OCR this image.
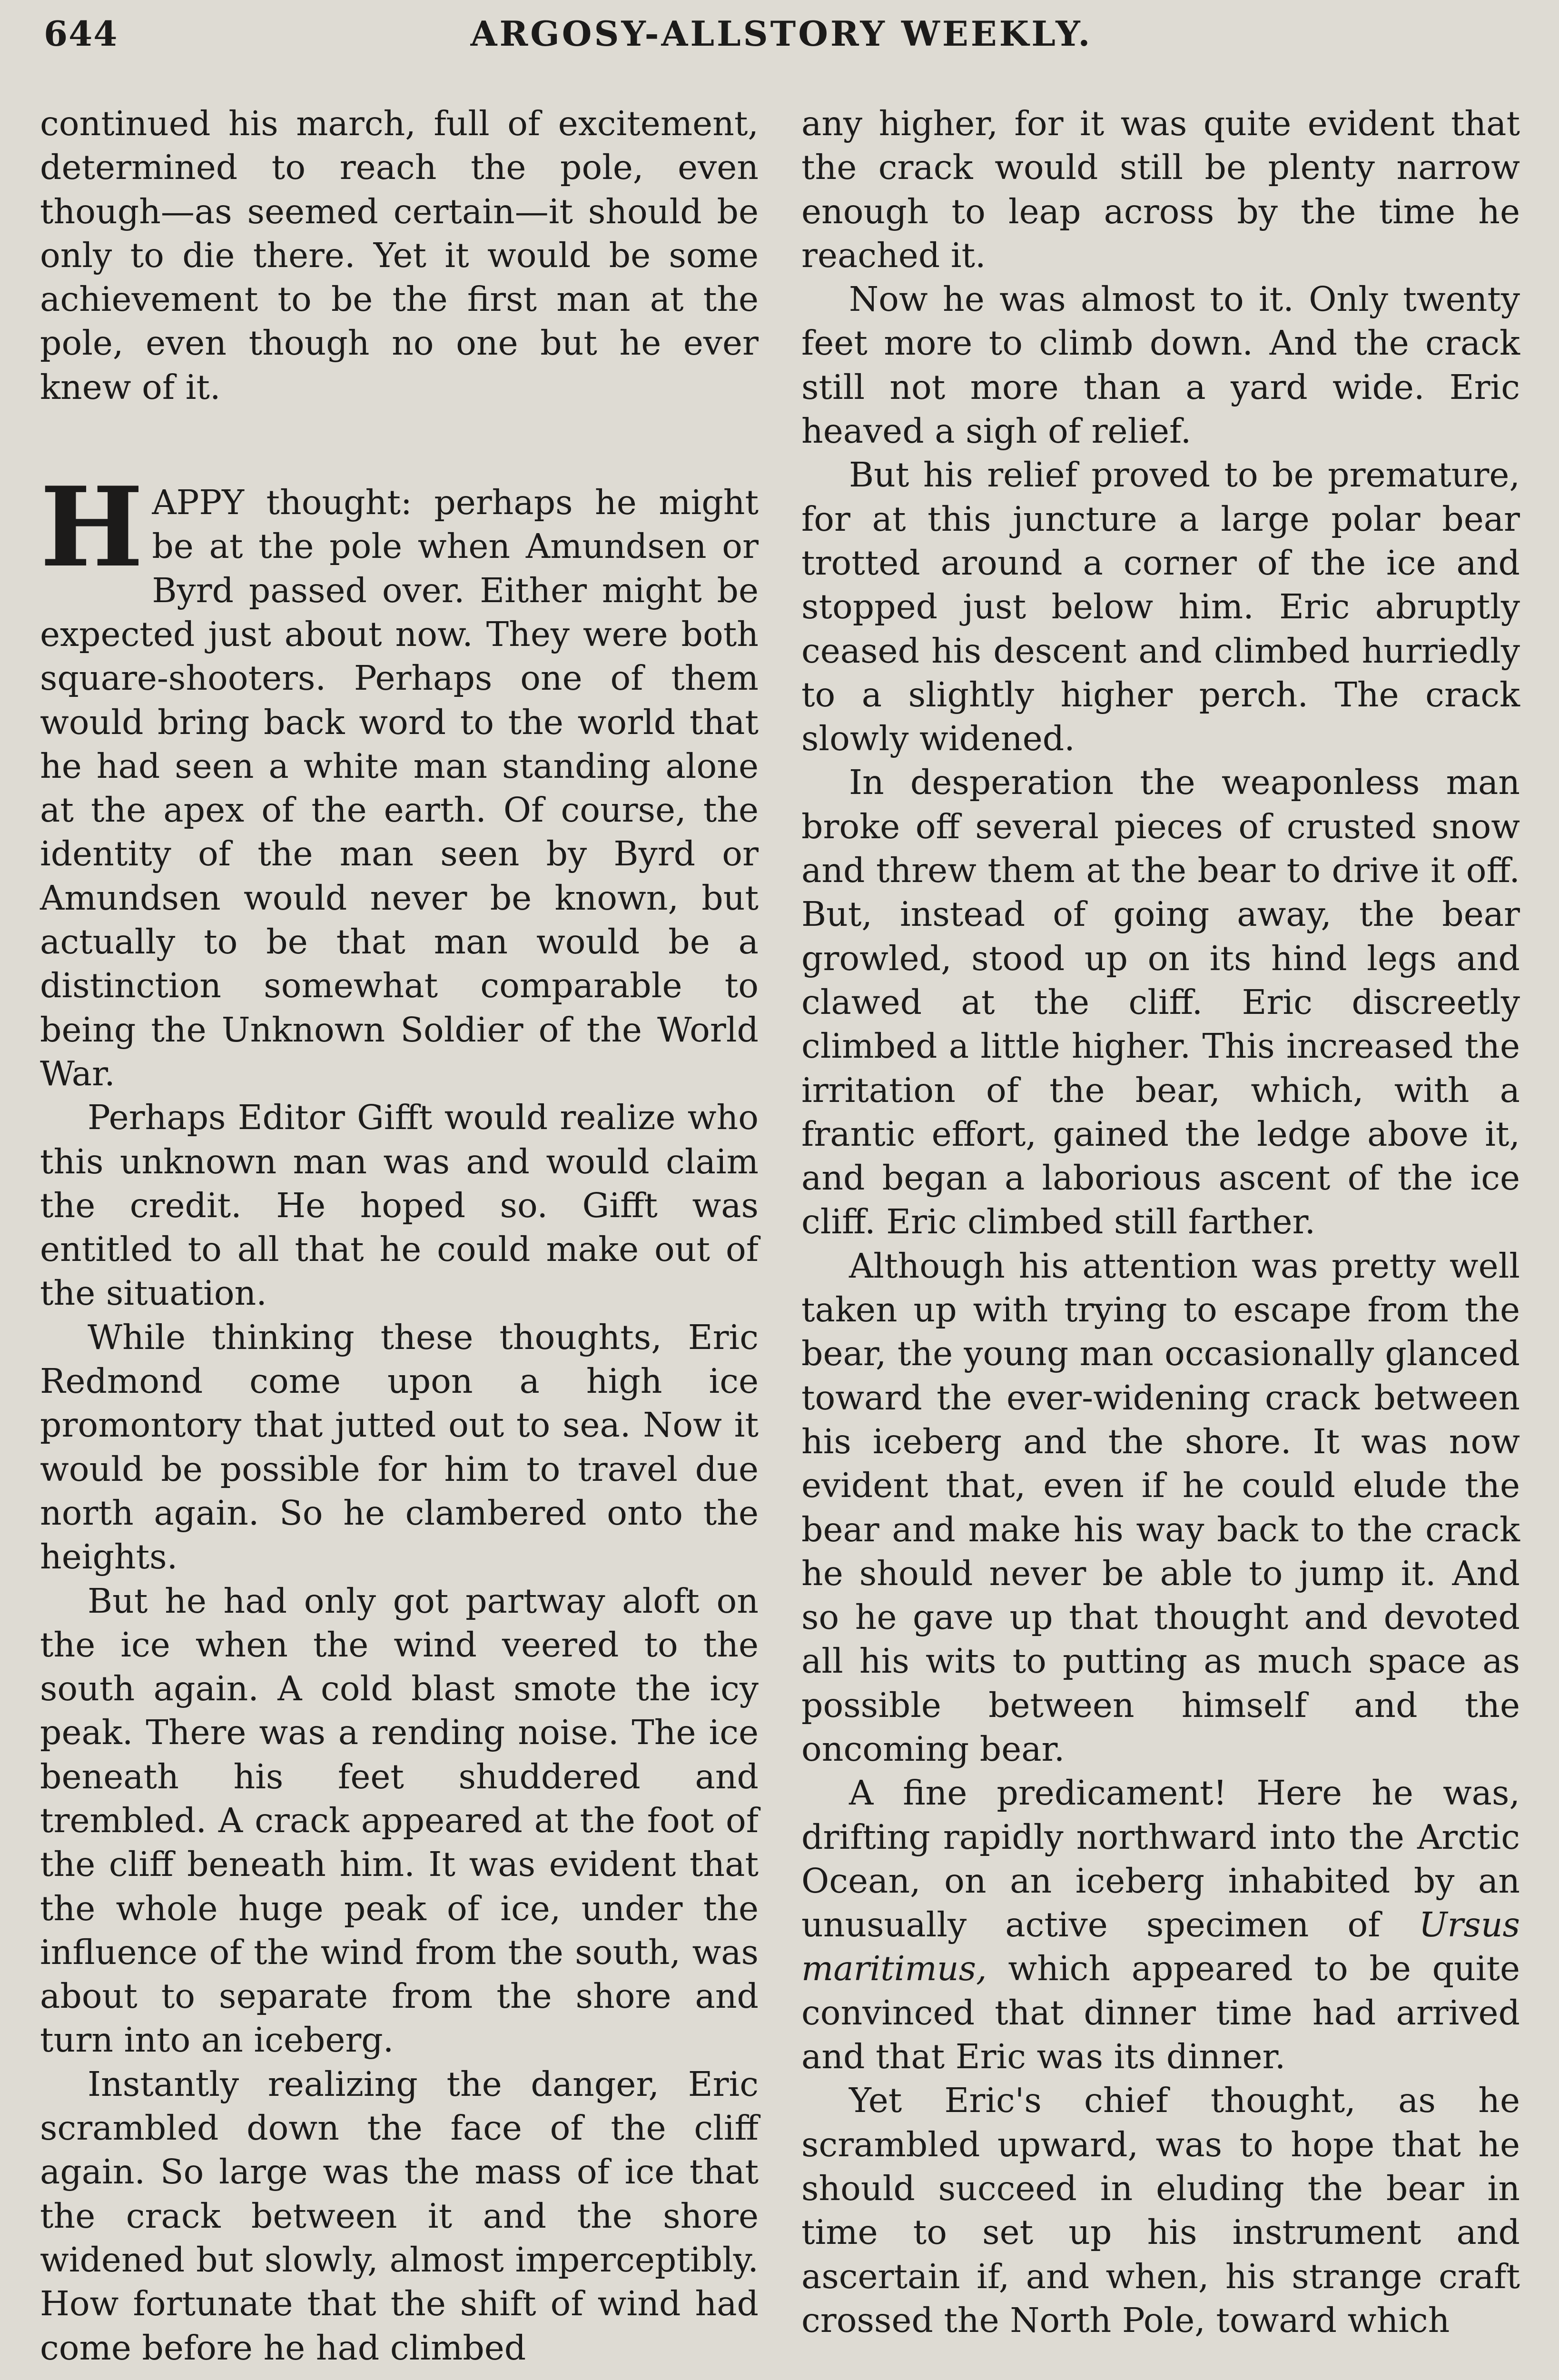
ARGOSY-ALLSTORY WEEKLY.
644

continued his march, full of excitement, determined to reach the pole, even though—as seemed certain—it should be only to die there. Yet it would be some achievement to be the first man at the pole, even though no one but he ever knew of it.

HAPPY thought: perhaps he might be at the pole when Amundsen or Byrd passed over. Either might be expected just about now. They were both square-shooters. Perhaps one of them would bring back word to the world that he had seen a white man standing alone at the apex of the earth. Of course, the identity of the man seen by Byrd or Amundsen would never be known, but actually to be that man would be a distinction somewhat comparable to being the Unknown Soldier of the World War.

Perhaps Editor Gifft would realize who this unknown man was and would claim the credit. He hoped so. Gifft was entitled to all that he could make out of the situation.

While thinking these thoughts, Eric Redmond come upon a high ice promontory that jutted out to sea. Now it would be possible for him to travel due north again. So he clambered onto the heights.

But he had only got partway aloft on the ice when the wind veered to the south again. A cold blast smote the icy peak. There was a rending noise. The ice beneath his feet shuddered and trembled. A crack appeared at the foot of the cliff beneath him. It was evident that the whole huge peak of ice, under the influence of the wind from the south, was about to separate from the shore and turn into an iceberg.

Instantly realizing the danger, Eric scrambled down the face of the cliff again. So large was the mass of ice that the crack between it and the shore widened but slowly, almost imperceptibly. How fortunate that the shift of wind had come before he had climbed

any higher, for it was quite evident that the crack would still be plenty narrow enough to leap across by the time he reached it.

Now he was almost to it. Only twenty feet more to climb down. And the crack still not more than a yard wide. Eric heaved a sigh of relief.

But his relief proved to be premature, for at this juncture a large polar bear trotted around a corner of the ice and stopped just below him. Eric abruptly ceased his descent and climbed hurriedly to a slightly higher perch. The crack slowly widened.

In desperation the weaponless man broke off several pieces of crusted snow and threw them at the bear to drive it off. But, instead of going away, the bear growled, stood up on its hind legs and clawed at the cliff. Eric discreetly climbed a little higher. This increased the irritation of the bear, which, with a frantic effort, gained the ledge above it, and began a laborious ascent of the ice cliff. Eric climbed still farther.

Although his attention was pretty well taken up with trying to escape from the bear, the young man occasionally glanced toward the ever-widening crack between his iceberg and the shore. It was now evident that, even if he could elude the bear and make his way back to the crack he should never be able to jump it. And so he gave up that thought and devoted all his wits to putting as much space as possible between himself and the oncoming bear.

A fine predicament! Here he was, drifting rapidly northward into the Arctic Ocean, on an iceberg inhabited by an unusually active specimen of Ursus maritimus, which appeared to be quite convinced that dinner time had arrived and that Eric was its dinner.

Yet Eric's chief thought, as he scrambled upward, was to hope that he should succeed in eluding the bear in time to set up his instrument and ascertain if, and when, his strange craft crossed the North Pole, toward which
